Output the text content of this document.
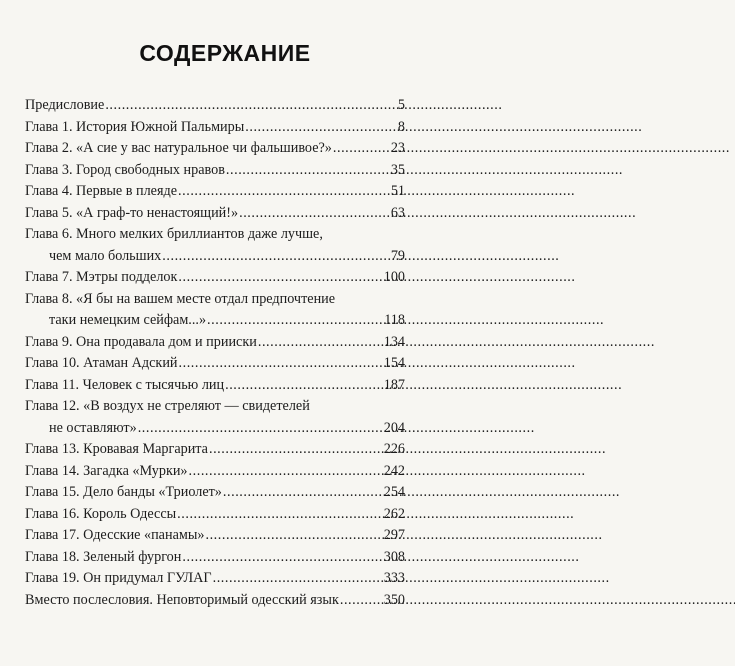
СОДЕРЖАНИЕ
Предисловие . . .	5
Глава 1. История Южной Пальмиры . . .	8
Глава 2. «А сие у вас натуральное чи фальшивое?» . . .	23
Глава 3. Город свободных нравов . . .	35
Глава 4. Первые в плеяде . . .	51
Глава 5. «А граф-то ненастоящий!» . . .	63
Глава 6. Много мелких бриллиантов даже лучше,
чем мало больших . . .	79
Глава 7. Мэтры подделок . . .	100
Глава 8. «Я бы на вашем месте отдал предпочтение
таки немецким сейфам...» . . .	118
Глава 9. Она продавала дом и прииски . . .	134
Глава 10. Атаман Адский . . .	154
Глава 11. Человек с тысячью лиц . . .	187
Глава 12. «В воздух не стреляют — свидетелей
не оставляют» . . .	204
Глава 13. Кровавая Маргарита . . .	226
Глава 14. Загадка «Мурки» . . .	242
Глава 15. Дело банды «Триолет» . . .	254
Глава 16. Король Одессы . . .	262
Глава 17. Одесские «панамы» . . .	297
Глава 18. Зеленый фургон . . .	308
Глава 19. Он придумал ГУЛАГ . . .	333
Вместо послесловия. Неповторимый одесский язык . . .	350
